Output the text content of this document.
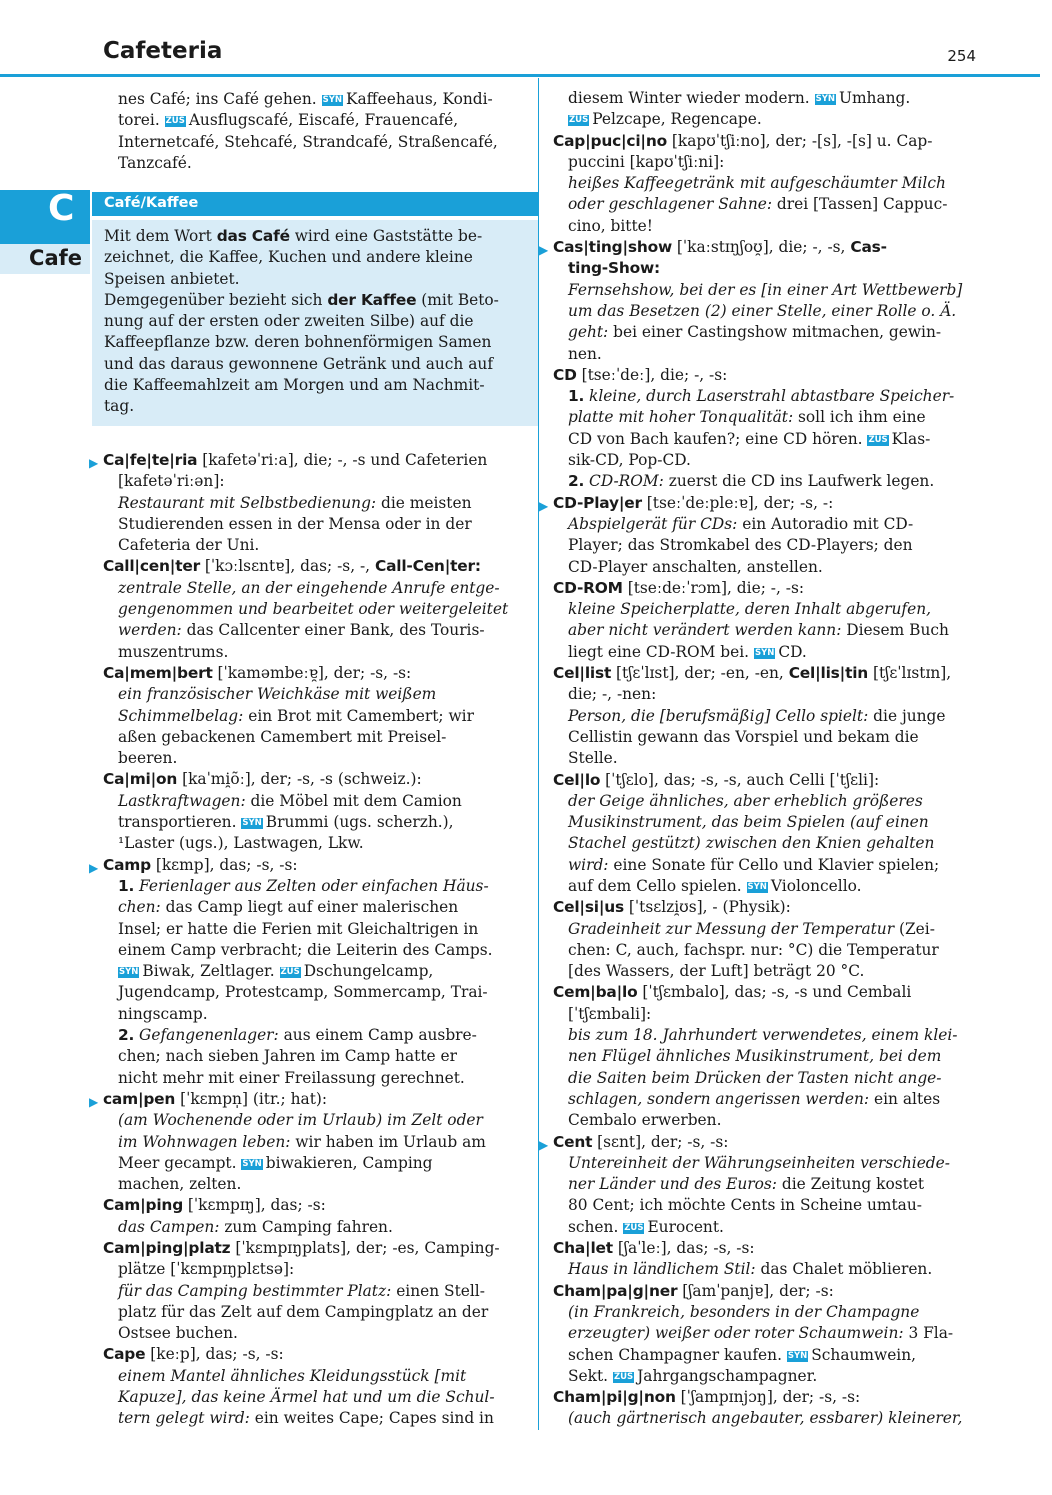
Cafeteria	254
C
Cafe
Café/Kaffee
Mit dem Wort das Café wird eine Gaststätte be-
zeichnet, die Kaffee, Kuchen und andere kleine
Speisen anbietet.
Demgegenüber bezieht sich der Kaffee (mit Beto-
nung auf der ersten oder zweiten Silbe) auf die
Kaffeepflanze bzw. deren bohnenförmigen Samen
und das daraus gewonnene Getränk und auch auf
die Kaffeemahlzeit am Morgen und am Nachmit-
tag.
nes Café; ins Café gehen. SYN Kaffeehaus, Kondi-
torei. ZUS Ausflugscafé, Eiscafé, Frauencafé,
Internetcafé, Stehcafé, Strandcafé, Straßencafé,
Tanzcafé.
▶ Ca|fe|te|ria [kafetəˈriːa], die; -, -s und Cafeterien
[kafetəˈriːən]:
Restaurant mit Selbstbedienung: die meisten
Studierenden essen in der Mensa oder in der
Cafeteria der Uni.
Call|cen|ter [ˈkɔːlsɛntɐ], das; -s, -, Call-Cen|ter:
zentrale Stelle, an der eingehende Anrufe entge-
gengenommen und bearbeitet oder weitergeleitet
werden: das Callcenter einer Bank, des Touris-
muszentrums.
Ca|mem|bert [ˈkaməmbeːɐ̯], der; -s, -s:
ein französischer Weichkäse mit weißem
Schimmelbelag: ein Brot mit Camembert; wir
aßen gebackenen Camembert mit Preisel-
beeren.
Ca|mi|on [kaˈmi̯õː], der; -s, -s (schweiz.):
Lastkraftwagen: die Möbel mit dem Camion
transportieren. SYN Brummi (ugs. scherzh.),
¹Laster (ugs.), Lastwagen, Lkw.
▶ Camp [kɛmp], das; -s, -s:
1. Ferienlager aus Zelten oder einfachen Häus-
chen: das Camp liegt auf einer malerischen
Insel; er hatte die Ferien mit Gleichaltrigen in
einem Camp verbracht; die Leiterin des Camps.
SYN Biwak, Zeltlager. ZUS Dschungelcamp,
Jugendcamp, Protestcamp, Sommercamp, Trai-
ningscamp.
2. Gefangenenlager: aus einem Camp ausbre-
chen; nach sieben Jahren im Camp hatte er
nicht mehr mit einer Freilassung gerechnet.
▶ cam|pen [ˈkɛmpn̩] (itr.; hat):
(am Wochenende oder im Urlaub) im Zelt oder
im Wohnwagen leben: wir haben im Urlaub am
Meer gecampt. SYN biwakieren, Camping
machen, zelten.
Cam|ping [ˈkɛmpɪŋ], das; -s:
das Campen: zum Camping fahren.
Cam|ping|platz [ˈkɛmpɪŋplats], der; -es, Camping-
plätze [ˈkɛmpɪŋplɛtsə]:
für das Camping bestimmter Platz: einen Stell-
platz für das Zelt auf dem Campingplatz an der
Ostsee buchen.
Cape [keːp], das; -s, -s:
einem Mantel ähnliches Kleidungsstück [mit
Kapuze], das keine Ärmel hat und um die Schul-
tern gelegt wird: ein weites Cape; Capes sind in
diesem Winter wieder modern. SYN Umhang.
ZUS Pelzcape, Regencape.
Cap|puc|ci|no [kapʊˈtʃiːno], der; -[s], -[s] u. Cap-
puccini [kapʊˈtʃiːni]:
heißes Kaffeegetränk mit aufgeschäumter Milch
oder geschlagener Sahne: drei [Tassen] Cappuc-
cino, bitte!
▶ Cas|ting|show [ˈkaːstɪŋʃoʊ̯], die; -, -s, Cas-
ting-Show:
Fernsehshow, bei der es [in einer Art Wettbewerb]
um das Besetzen (2) einer Stelle, einer Rolle o. Ä.
geht: bei einer Castingshow mitmachen, gewin-
nen.
CD [tseːˈdeː], die; -, -s:
1. kleine, durch Laserstrahl abtastbare Speicher-
platte mit hoher Tonqualität: soll ich ihm eine
CD von Bach kaufen?; eine CD hören. ZUS Klas-
sik-CD, Pop-CD.
2. CD-ROM: zuerst die CD ins Laufwerk legen.
▶ CD-Play|er [tseːˈdeːpleːɐ], der; -s, -:
Abspielgerät für CDs: ein Autoradio mit CD-
Player; das Stromkabel des CD-Players; den
CD-Player anschalten, anstellen.
CD-ROM [tseːdeːˈrɔm], die; -, -s:
kleine Speicherplatte, deren Inhalt abgerufen,
aber nicht verändert werden kann: Diesem Buch
liegt eine CD-ROM bei. SYN CD.
Cel|list [tʃɛˈlɪst], der; -en, -en, Cel|lis|tin [tʃɛˈlɪstɪn],
die; -, -nen:
Person, die [berufsmäßig] Cello spielt: die junge
Cellistin gewann das Vorspiel und bekam die
Stelle.
Cel|lo [ˈtʃɛlo], das; -s, -s, auch Celli [ˈtʃɛli]:
der Geige ähnliches, aber erheblich größeres
Musikinstrument, das beim Spielen (auf einen
Stachel gestützt) zwischen den Knien gehalten
wird: eine Sonate für Cello und Klavier spielen;
auf dem Cello spielen. SYN Violoncello.
Cel|si|us [ˈtsɛlzi̯ʊs], - (Physik):
Gradeinheit zur Messung der Temperatur (Zei-
chen: C, auch, fachspr. nur: °C) die Temperatur
[des Wassers, der Luft] beträgt 20 °C.
Cem|ba|lo [ˈtʃɛmbalo], das; -s, -s und Cembali
[ˈtʃɛmbali]:
bis zum 18. Jahrhundert verwendetes, einem klei-
nen Flügel ähnliches Musikinstrument, bei dem
die Saiten beim Drücken der Tasten nicht ange-
schlagen, sondern angerissen werden: ein altes
Cembalo erwerben.
▶ Cent [sɛnt], der; -s, -s:
Untereinheit der Währungseinheiten verschiede-
ner Länder und des Euros: die Zeitung kostet
80 Cent; ich möchte Cents in Scheine umtau-
schen. ZUS Eurocent.
Cha|let [ʃaˈleː], das; -s, -s:
Haus in ländlichem Stil: das Chalet möblieren.
Cham|pa|g|ner [ʃamˈpanjɐ], der; -s:
(in Frankreich, besonders in der Champagne
erzeugter) weißer oder roter Schaumwein: 3 Fla-
schen Champagner kaufen. SYN Schaumwein,
Sekt. ZUS Jahrgangschampagner.
Cham|pi|g|non [ˈʃampɪnjɔŋ], der; -s, -s:
(auch gärtnerisch angebauter, essbarer) kleinerer,
